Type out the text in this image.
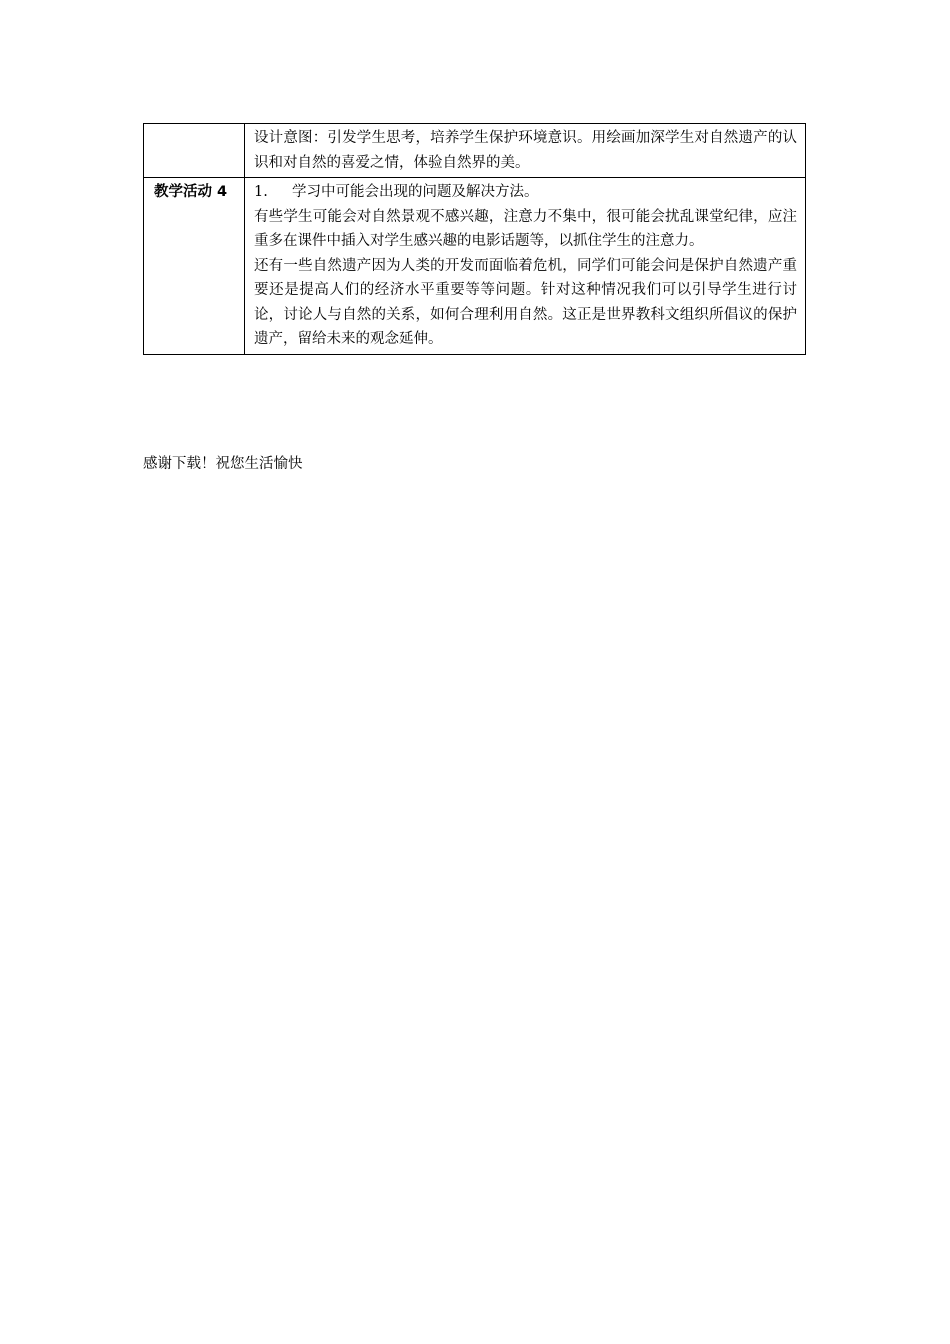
	设计意图：引发学生思考，培养学生保护环境意识。用绘画加深学生对自然遗产的认识和对自然的喜爱之情，体验自然界的美。

教学活动 4	1. 学习中可能会出现的问题及解决方法。

有些学生可能会对自然景观不感兴趣，注意力不集中，很可能会扰乱课堂纪律，应注重多在课件中插入对学生感兴趣的电影话题等，以抓住学生的注意力。

还有一些自然遗产因为人类的开发而面临着危机，同学们可能会问是保护自然遗产重要还是提高人们的经济水平重要等等问题。针对这种情况我们可以引导学生进行讨论，讨论人与自然的关系，如何合理利用自然。这正是世界教科文组织所倡议的保护遗产，留给未来的观念延伸。

感谢下载！祝您生活愉快
